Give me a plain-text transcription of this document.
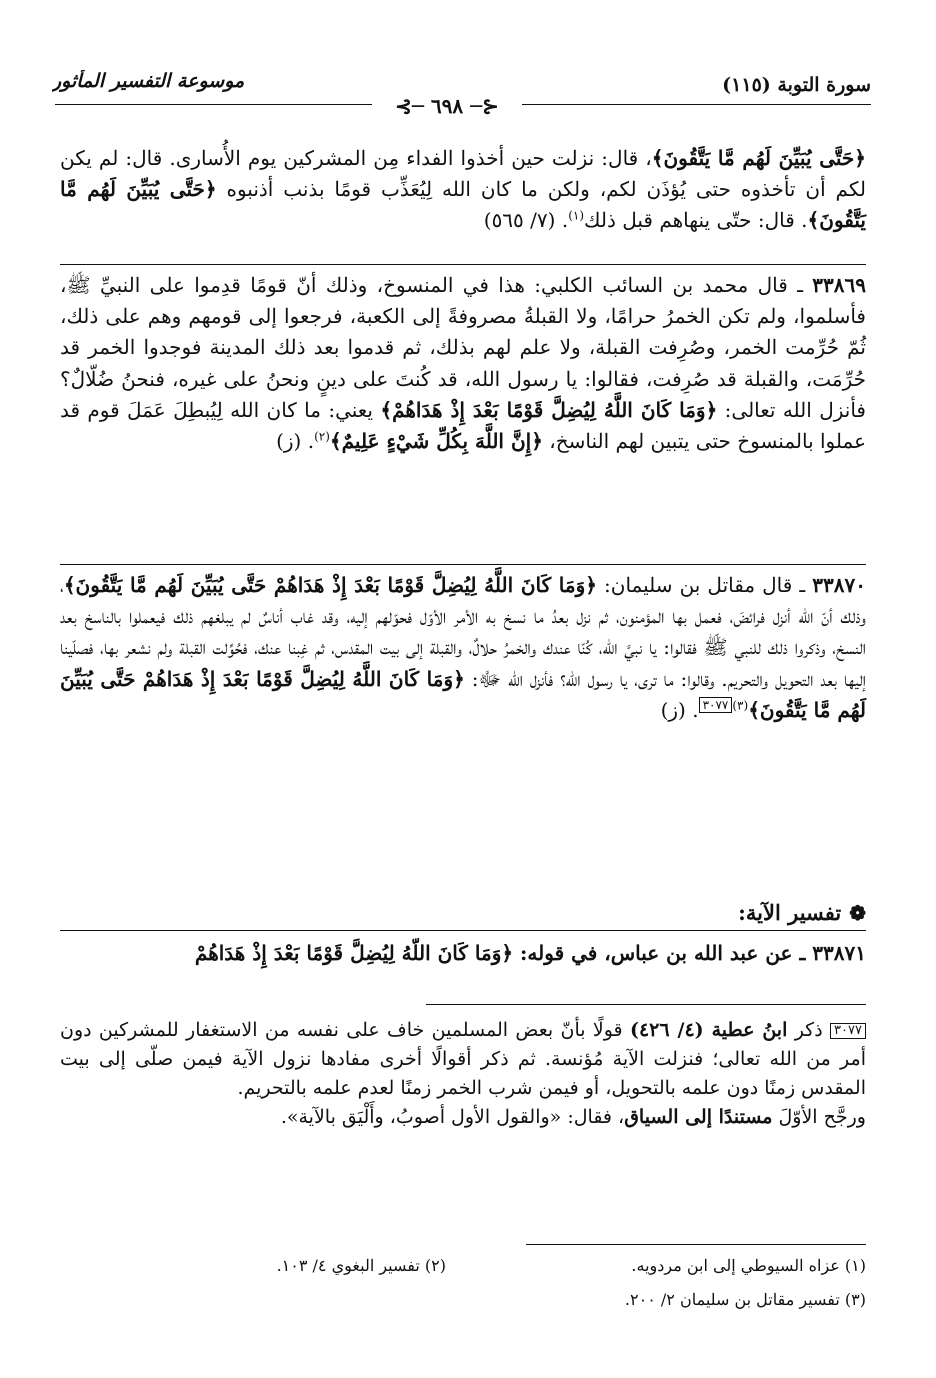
موسوعة التفسير المأثور	سورة التوبة (١١٥)
⊰─ ٦٩٨ ─⊱

﴿حَتَّى يُبَيِّنَ لَهُم مَّا يَتَّقُونَ﴾، قال: نزلت حين أخذوا الفداء مِن المشركين يوم الأُسارى. قال: لم يكن لكم أن تأخذوه حتى يُؤذَن لكم، ولكن ما كان الله لِيُعَذِّب قومًا بذنب أذنبوه ﴿حَتَّى يُبَيِّنَ لَهُم مَّا يَتَّقُونَ﴾. قال: حتّى ينهاهم قبل ذلك$^{(١)}$. (٧/ ٥٦٥)

٣٣٨٦٩ ـ قال محمد بن السائب الكلبي: هذا في المنسوخ، وذلك أنّ قومًا قدِموا على النبيِّ ﷺ، فأسلموا، ولم تكن الخمرُ حرامًا، ولا القبلةُ مصروفةً إلى الكعبة، فرجعوا إلى قومهم وهم على ذلك، ثُمّ حُرِّمت الخمر، وصُرِفت القبلة، ولا علم لهم بذلك، ثم قدموا بعد ذلك المدينة فوجدوا الخمر قد حُرِّمَت، والقبلة قد صُرِفت، فقالوا: يا رسول الله، قد كُنتَ على دينٍ ونحنُ على غيره، فنحنُ ضُلّالٌ؟ فأنزل الله تعالى: ﴿وَمَا كَانَ اللَّهُ لِيُضِلَّ قَوْمًا بَعْدَ إِذْ هَدَاهُمْ﴾ يعني: ما كان الله لِيُبطِلَ عَمَلَ قوم قد عملوا بالمنسوخ حتى يتبين لهم الناسخ، ﴿إِنَّ اللَّهَ بِكُلِّ شَيْءٍ عَلِيمٌ﴾$^{(٢)}$. (ز)

٣٣٨٧٠ ـ قال مقاتل بن سليمان: ﴿وَمَا كَانَ اللَّهُ لِيُضِلَّ قَوْمًا بَعْدَ إِذْ هَدَاهُمْ حَتَّى يُبَيِّنَ لَهُم مَّا يَتَّقُونَ﴾، وذلك أنّ الله أنزل فرائضَ، فعمل بها المؤمنون، ثم نزل بعدُ ما نسخ به الأمر الأوّل فحوّلهم إليه، وقد غاب أناسٌ لم يبلغهم ذلك فيعملوا بالناسخ بعد النسخ، وذكروا ذلك للنبي ﷺ فقالوا: يا نبيَّ الله، كُنّا عندك والخمرُ حلالٌ، والقبلة إلى بيت المقدس، ثم غِبنا عنك، فحُوِّلت القبلة ولم نشعر بها، فصلّينا إليها بعد التحويل والتحريم. وقالوا: ما ترى، يا رسول الله؟ فأنزل الله ﷻ: ﴿وَمَا كَانَ اللَّهُ لِيُضِلَّ قَوْمًا بَعْدَ إِذْ هَدَاهُمْ حَتَّى يُبَيِّنَ لَهُم مَّا يَتَّقُونَ﴾$^{(٣)}$٣٠٧٧. (ز)

❁تفسير الآية:
٣٣٨٧١ ـ عن عبد الله بن عباس، في قوله: ﴿وَمَا كَانَ اللَّهُ لِيُضِلَّ قَوْمًا بَعْدَ إِذْ هَدَاهُمْ

٣٠٧٧ ذكر ابنُ عطية (٤/ ٤٢٦) قولًا بأنّ بعض المسلمين خاف على نفسه من الاستغفار للمشركين دون أمر من الله تعالى؛ فنزلت الآية مُؤنسة. ثم ذكر أقوالًا أخرى مفادها نزول الآية فيمن صلّى إلى بيت المقدس زمنًا دون علمه بالتحويل، أو فيمن شرب الخمر زمنًا لعدم علمه بالتحريم.

ورجَّح الأوّلَ مستندًا إلى السياق، فقال: «والقول الأول أصوبُ، وأَلْيَق بالآية».

(١) عزاه السيوطي إلى ابن مردويه.
(٢) تفسير البغوي ٤/ ١٠٣.
(٣) تفسير مقاتل بن سليمان ٢/ ٢٠٠.
